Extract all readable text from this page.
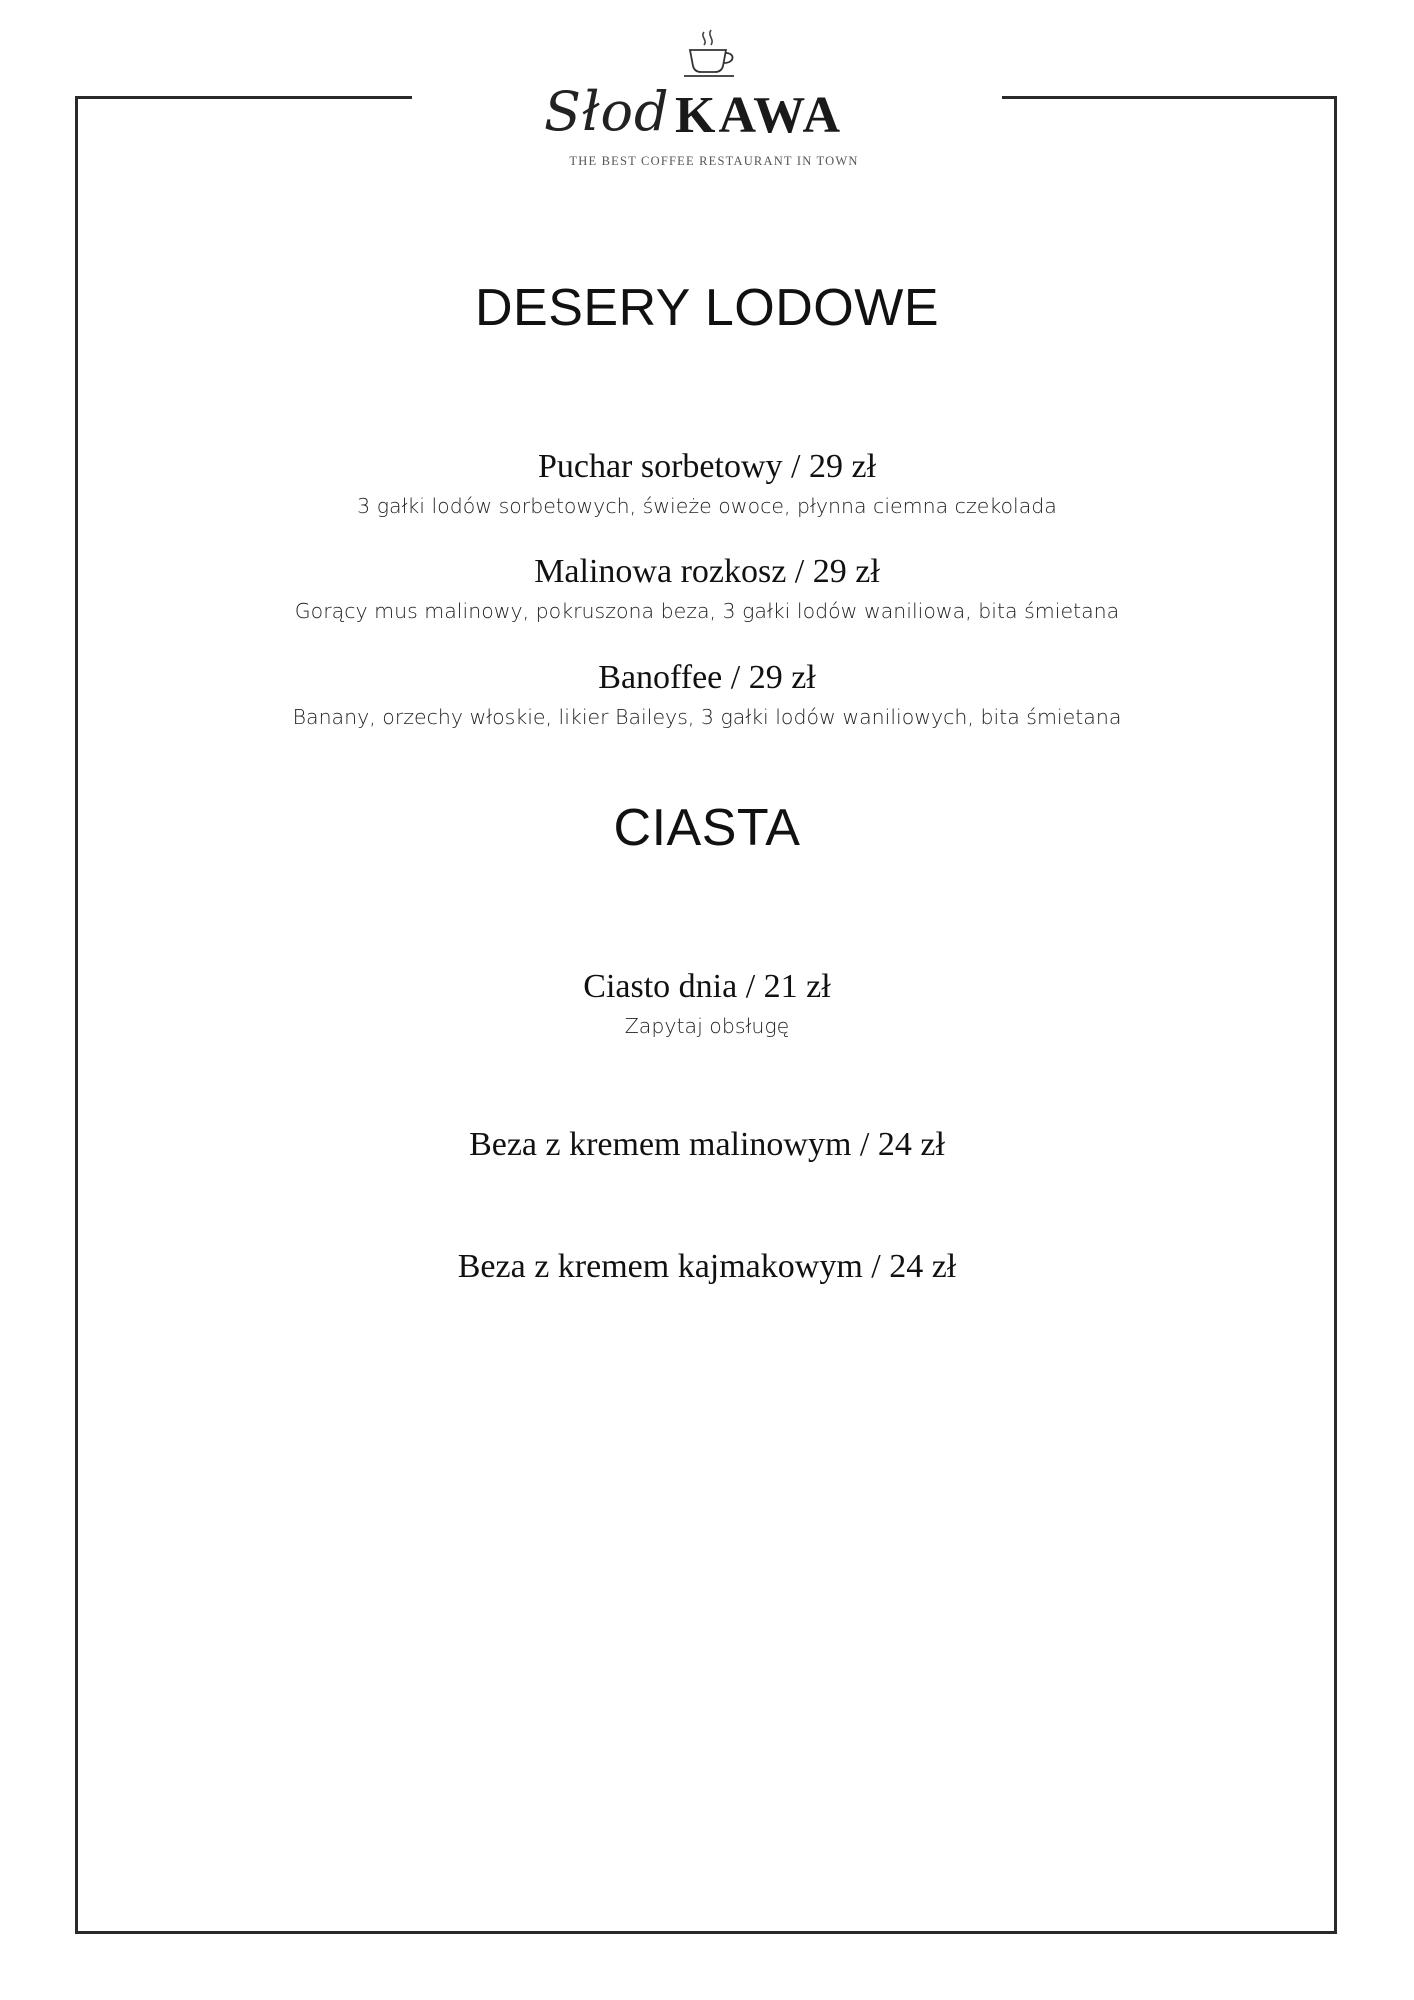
Słod KAWA
THE BEST COFFEE RESTAURANT IN TOWN
DESERY LODOWE
Puchar sorbetowy / 29 zł
3 gałki lodów sorbetowych, świeże owoce, płynna ciemna czekolada
Malinowa rozkosz / 29 zł
Gorący mus malinowy, pokruszona beza, 3 gałki lodów waniliowa, bita śmietana
Banoffee / 29 zł
Banany, orzechy włoskie, likier Baileys, 3 gałki lodów waniliowych, bita śmietana
CIASTA
Ciasto dnia / 21 zł
Zapytaj obsługę
Beza z kremem malinowym / 24 zł
Beza z kremem kajmakowym / 24 zł
